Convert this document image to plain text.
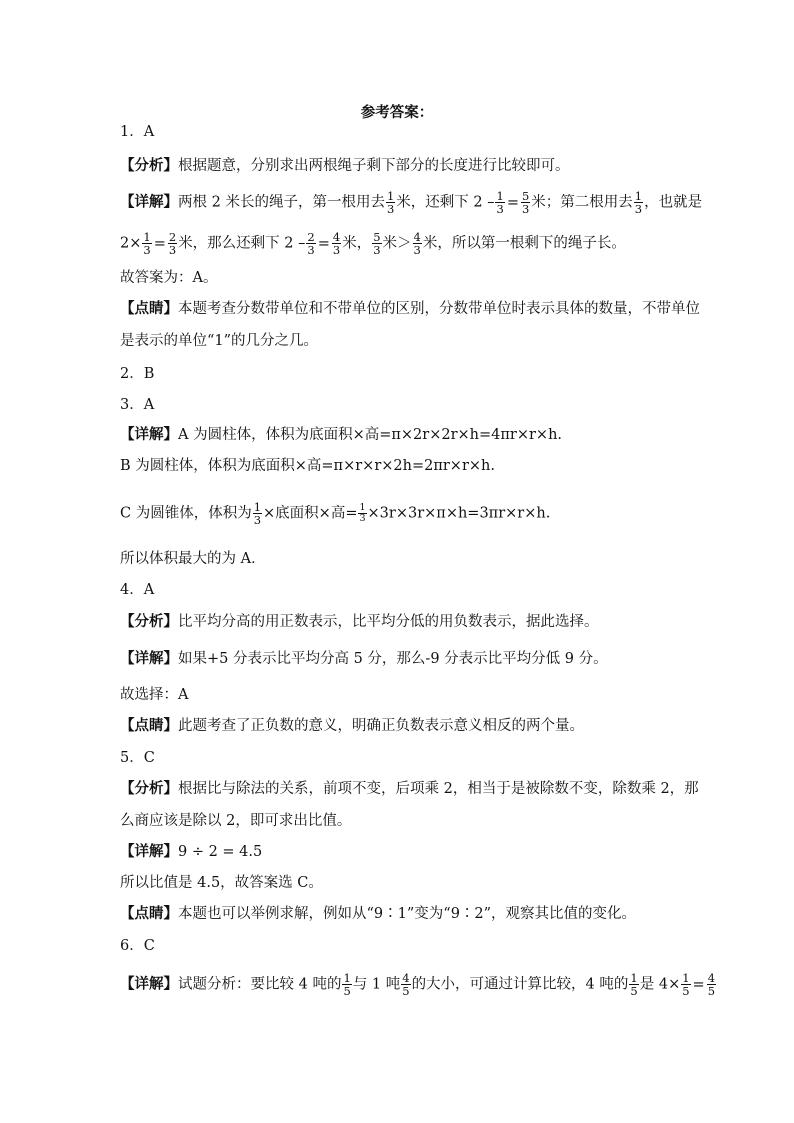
参考答案：
1．A
【分析】根据题意，分别求出两根绳子剩下部分的长度进行比较即可。
【详解】两根 2 米长的绳子，第一根用去 $\frac{1}{3}$ 米，还剩下 $2 - \frac{1}{3} = \frac{5}{3}$ 米；第二根用去 $\frac{1}{3}$ ，也就是
$2\times \frac{1}{3} = \frac{2}{3}$ 米，那么还剩下 $2 - \frac{2}{3} = \frac{4}{3}$ 米， $\frac{5}{3}$ 米＞ $\frac{4}{3}$ 米，所以第一根剩下的绳子长。
故答案为：A。
【点睛】本题考查分数带单位和不带单位的区别，分数带单位时表示具体的数量，不带单位
是表示的单位“1”的几分之几。
2．B
3．A
【详解】A 为圆柱体，体积为底面积×高=π×2r×2r×h=4πr×r×h.
B 为圆柱体，体积为底面积×高=π×r×r×2h=2πr×r×h.
C 为圆锥体，体积为 $\frac{1}{3}$ ×底面积×高= $\frac{1}{3} \times 3r\times 3r\times\pi\times h=3\pi r\times r\times h$.
所以体积最大的为 A．
4．A
【分析】比平均分高的用正数表示，比平均分低的用负数表示，据此选择。
【详解】如果+5 分表示比平均分高 5 分，那么-9 分表示比平均分低 9 分。
故选择：A
【点睛】此题考查了正负数的意义，明确正负数表示意义相反的两个量。
5．C
【分析】根据比与除法的关系，前项不变，后项乘 2，相当于是被除数不变，除数乘 2，那
么商应该是除以 2，即可求出比值。
【详解】9 ÷ 2 = 4.5
所以比值是 4.5，故答案选 C。
【点睛】本题也可以举例求解，例如从“9∶1”变为“9∶2”，观察其比值的变化。
6．C
【详解】试题分析：要比较 4 吨的 $\frac{1}{5}$ 与 1 吨 $\frac{4}{5}$ 的大小，可通过计算比较，4 吨的 $\frac{1}{5}$ 是 $4\times \frac{1}{5} = \frac{4}{5}$
